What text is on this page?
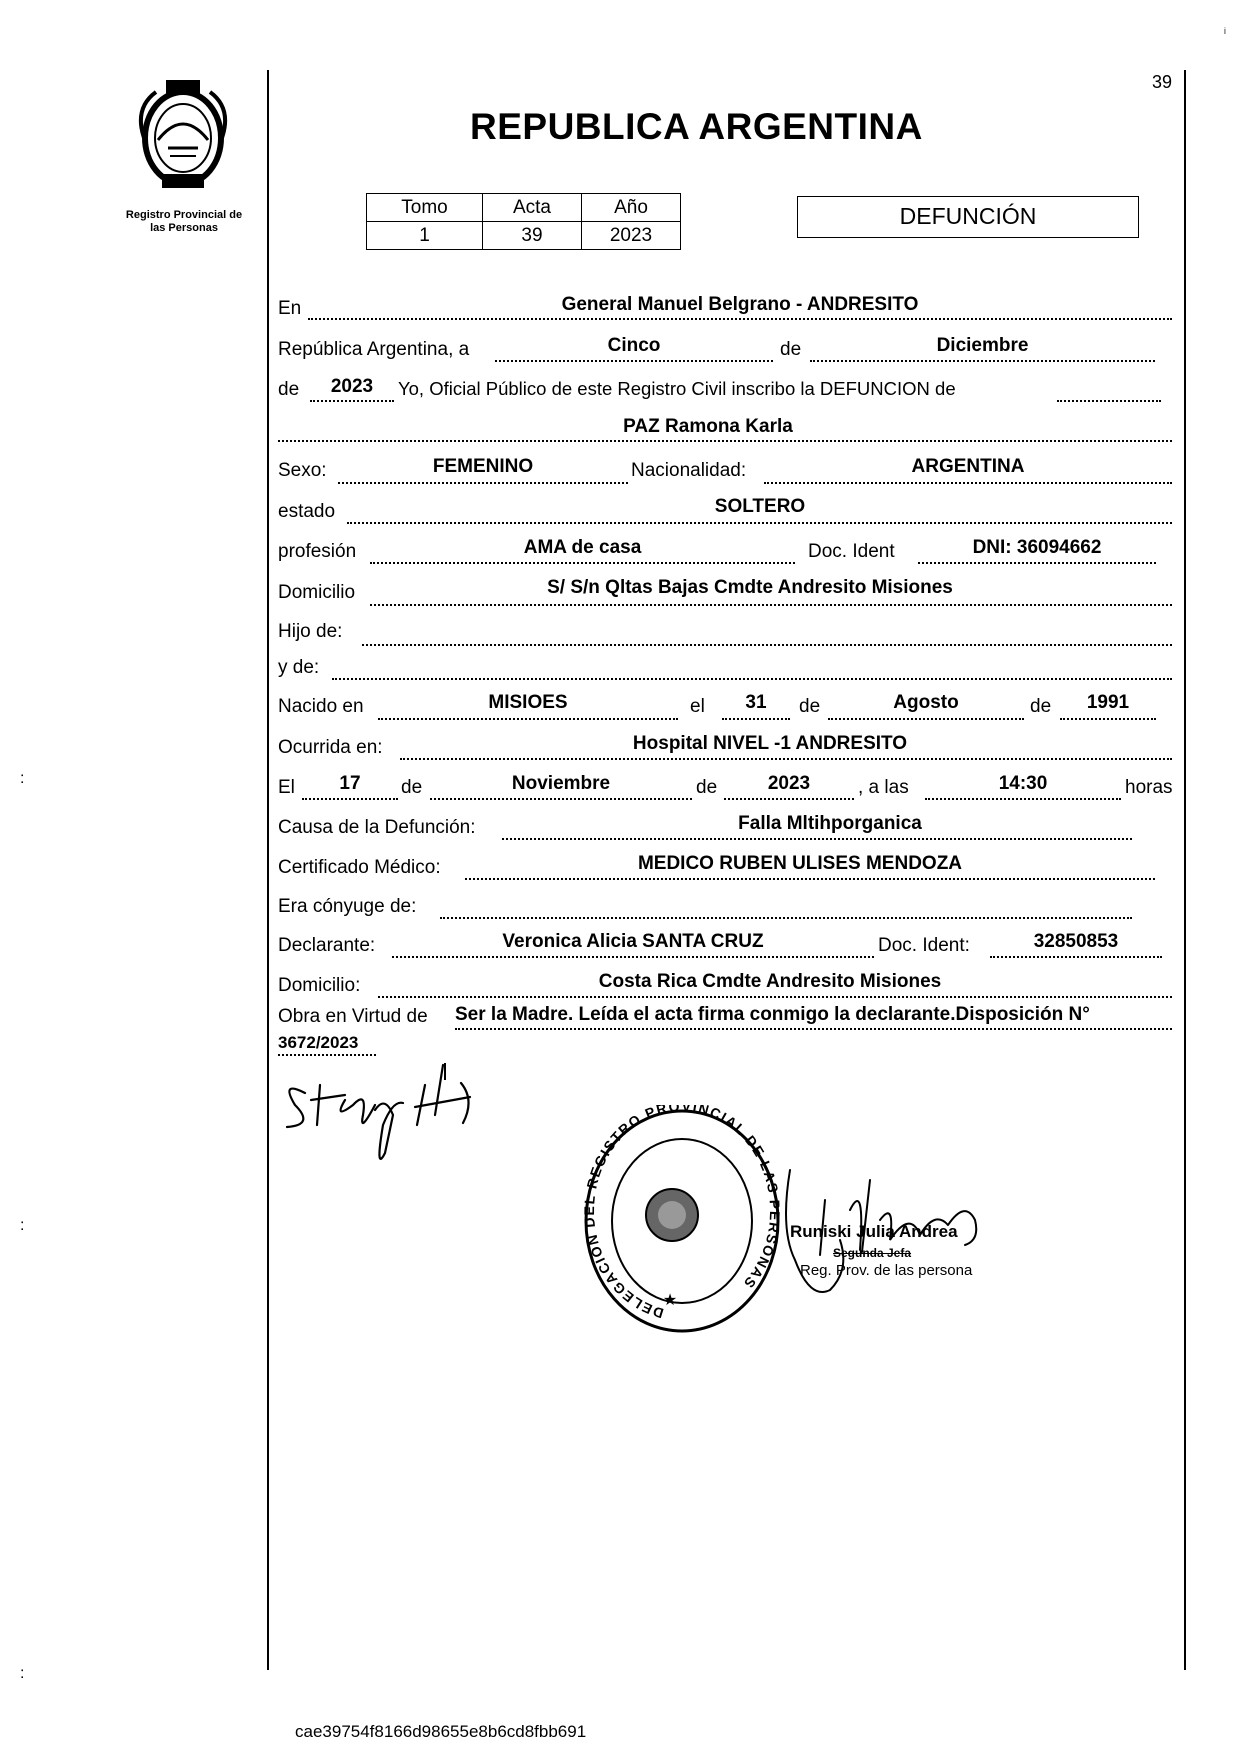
Registro Provincial de
las Personas
39
ᵢ
REPUBLICA ARGENTINA
Tomo	Acta	Año
1	39	2023
DEFUNCIÓN
En	General Manuel Belgrano - ANDRESITO
República Argentina, a	Cinco	de	Diciembre
de	2023	Yo, Oficial Público de este Registro Civil inscribo la DEFUNCION de
PAZ Ramona Karla
Sexo:	FEMENINO	Nacionalidad:	ARGENTINA
estado	SOLTERO
profesión	AMA de casa	Doc. Ident	DNI: 36094662
Domicilio	S/ S/n Qltas Bajas Cmdte Andresito Misiones
Hijo de:
y de:
Nacido en	MISIOES	el	31	de	Agosto	de	1991
Ocurrida en:	Hospital NIVEL -1 ANDRESITO
El	17	de	Noviembre	de	2023	, a las	14:30	horas
Causa de la Defunción:	Falla Mltihporganica
Certificado Médico:	MEDICO RUBEN ULISES MENDOZA
Era cónyuge de:
Declarante:	Veronica Alicia SANTA CRUZ	Doc. Ident:	32850853
Domicilio:	Costa Rica Cmdte Andresito Misiones
Obra en Virtud de Ser la Madre. Leída el acta firma conmigo la declarante.Disposición N°
3672/2023
DELEGACION DEL REGISTRO PROVINCIAL DE LAS PERSONAS
★
Runiski Julia Andrea
Segunda Jefa
Reg. Prov. de las persona
:
:
:
cae39754f8166d98655e8b6cd8fbb691
